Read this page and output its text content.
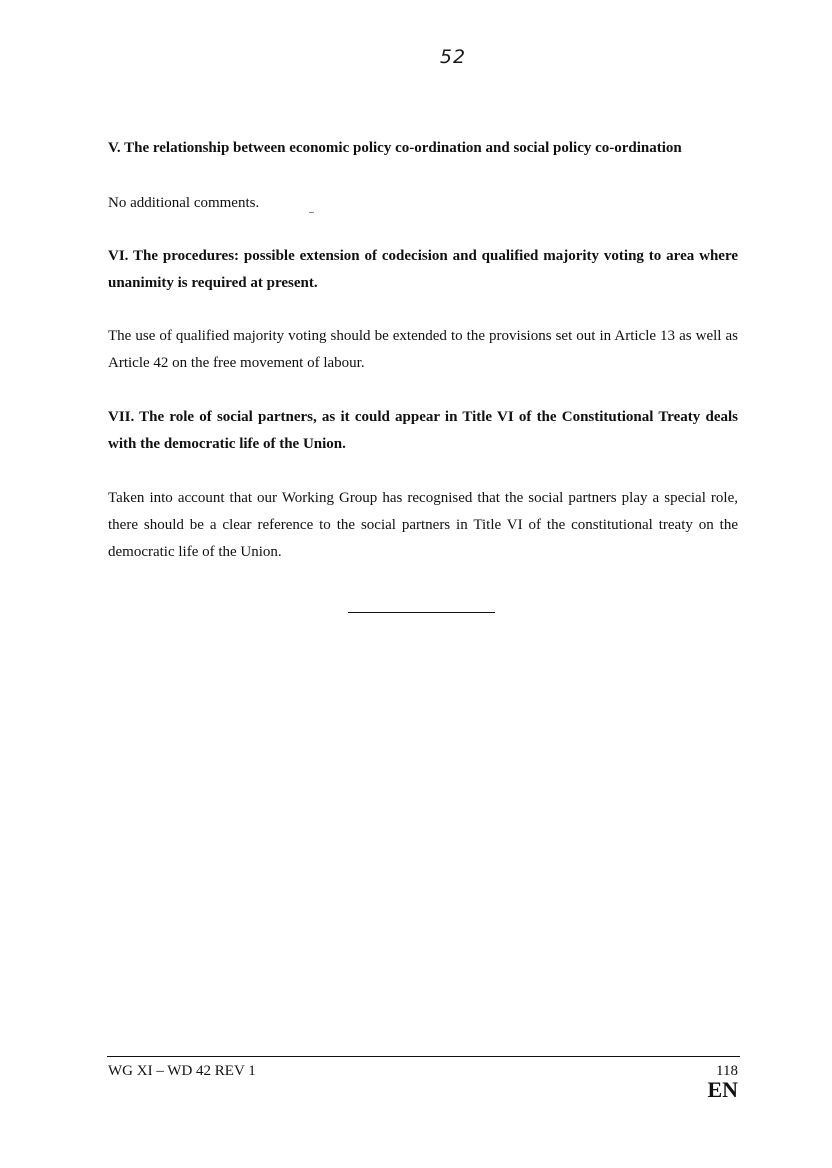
52

V. The relationship between economic policy co-ordination and social policy co-ordination

No additional comments.

VI. The procedures: possible extension of codecision and qualified majority voting to area where unanimity is required at present.

The use of qualified majority voting should be extended to the provisions set out in Article 13 as well as Article 42 on the free movement of labour.

VII. The role of social partners, as it could appear in Title VI of the Constitutional Treaty deals with the democratic life of the Union.

Taken into account that our Working Group has recognised that the social partners play a special role, there should be a clear reference to the social partners in Title VI of the constitutional treaty on the democratic life of the Union.

WG XI – WD 42 REV 1	118
EN
